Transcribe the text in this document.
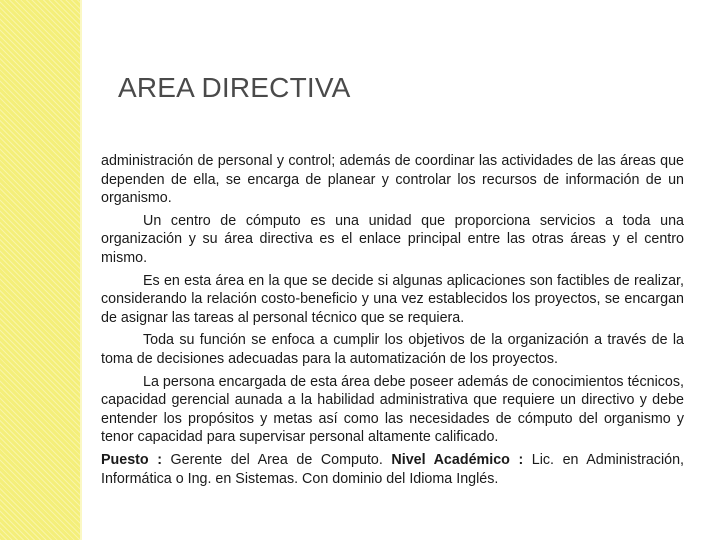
AREA DIRECTIVA

administración de personal y control; además de coordinar las actividades de las áreas que dependen de ella, se encarga de planear y controlar los recursos de información de un organismo.

Un centro de cómputo es una unidad que proporciona servicios a toda una organización y su área directiva es el enlace principal entre las otras áreas y el centro mismo.

Es en esta área en la que se decide si algunas aplicaciones son factibles de realizar, considerando la relación costo-beneficio y una vez establecidos los proyectos, se encargan de asignar las tareas al personal técnico que se requiera.

Toda su función se enfoca a cumplir los objetivos de la organización a través de la toma de decisiones adecuadas para la automatización de los proyectos.

La persona encargada de esta área debe poseer además de conocimientos técnicos, capacidad gerencial aunada a la habilidad administrativa que requiere un directivo y debe entender los propósitos y metas así como las necesidades de cómputo del organismo y tenor capacidad para supervisar personal altamente calificado.

Puesto : Gerente del Area de Computo. Nivel Académico : Lic. en Administración, Informática o Ing. en Sistemas. Con dominio del Idioma Inglés.
